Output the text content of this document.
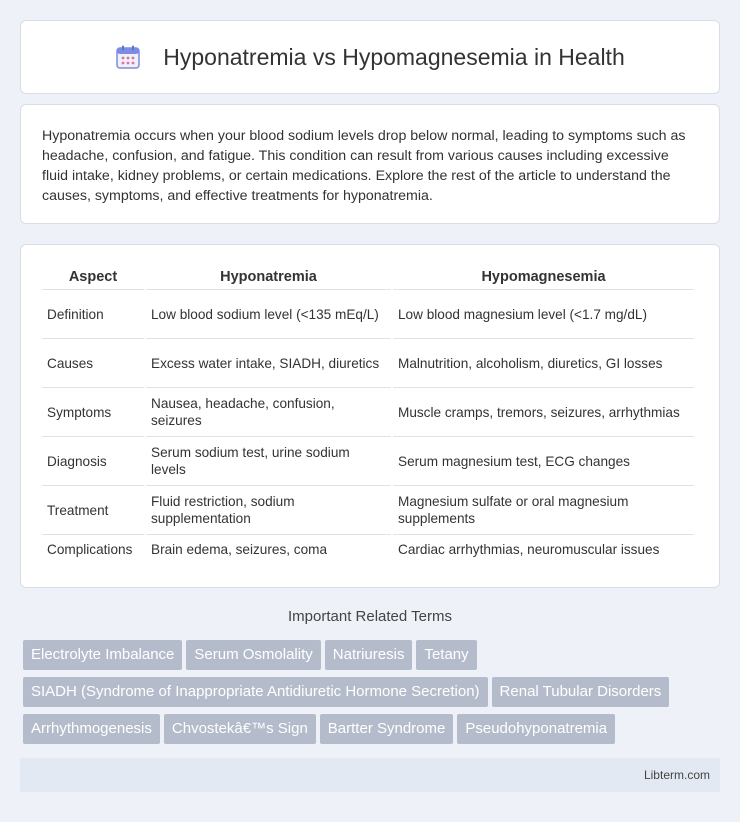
Hyponatremia vs Hypomagnesemia in Health

Hyponatremia occurs when your blood sodium levels drop below normal, leading to symptoms such as headache, confusion, and fatigue. This condition can result from various causes including excessive fluid intake, kidney problems, or certain medications. Explore the rest of the article to understand the causes, symptoms, and effective treatments for hyponatremia.

Aspect	Hyponatremia	Hypomagnesemia
Definition	Low blood sodium level (<135 mEq/L)	Low blood magnesium level (<1.7 mg/dL)
Causes	Excess water intake, SIADH, diuretics	Malnutrition, alcoholism, diuretics, GI losses
Symptoms	Nausea, headache, confusion, seizures	Muscle cramps, tremors, seizures, arrhythmias
Diagnosis	Serum sodium test, urine sodium levels	Serum magnesium test, ECG changes
Treatment	Fluid restriction, sodium supplementation	Magnesium sulfate or oral magnesium supplements
Complications	Brain edema, seizures, coma	Cardiac arrhythmias, neuromuscular issues
Important Related Terms
Electrolyte Imbalance Serum Osmolality Natriuresis Tetany
SIADH (Syndrome of Inappropriate Antidiuretic Hormone Secretion) Renal Tubular Disorders
Arrhythmogenesis Chvostekâ€™s Sign Bartter Syndrome Pseudohyponatremia
Libterm.com
